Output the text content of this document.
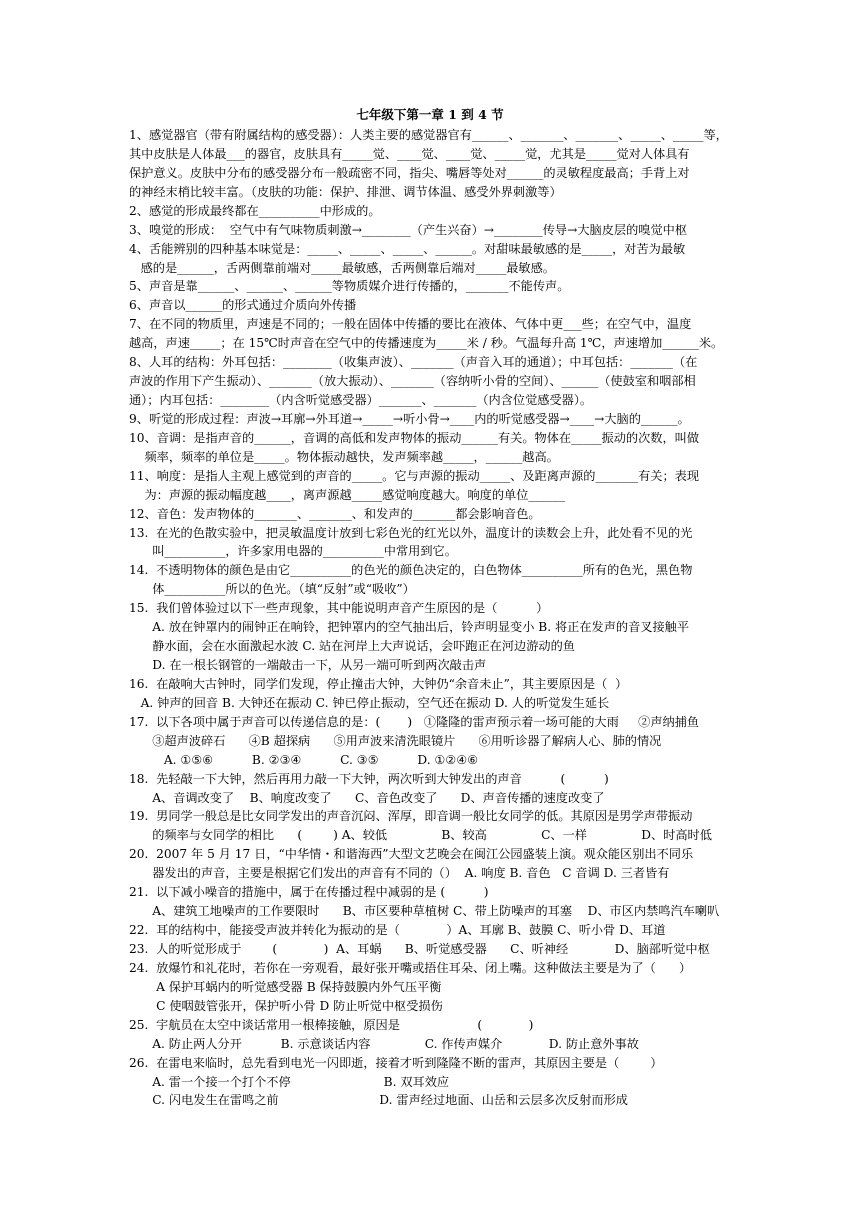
七年级下第一章 1 到 4 节
1、感觉器官（带有附属结构的感受器）：人类主要的感觉器官有______、_______、_______、_____、_____等，
其中皮肤是人体最___的器官，皮肤具有_____觉、____觉、____觉、_____觉，尤其是_____觉对人体具有
保护意义。皮肤中分布的感受器分布一般疏密不同，指尖、嘴唇等处对______的灵敏程度最高；手背上对
的神经末梢比较丰富。（皮肤的功能：保护、排泄、调节体温、感受外界刺激等）
2、感觉的形成最终都在__________中形成的。
3、嗅觉的形成：  空气中有气味物质刺激→________（产生兴奋）→________传导→大脑皮层的嗅觉中枢
4、舌能辨别的四种基本味觉是：_____、_____、_____、______。对甜味最敏感的是_____，对苦为最敏
感的是______，舌两侧靠前端对_____最敏感，舌两侧靠后端对_____最敏感。
5、声音是靠______、______、______等物质媒介进行传播的，_______不能传声。
6、声音以______的形式通过介质向外传播
7、在不同的物质里，声速是不同的；一般在固体中传播的要比在液体、气体中更___些；在空气中，温度
越高，声速_____；在 15℃时声音在空气中的传播速度为_____米 / 秒。气温每升高 1℃，声速增加______米。
8、人耳的结构：外耳包括：________（收集声波）、_______（声音入耳的通道）；中耳包括：_______（在
声波的作用下产生振动）、_______（放大振动）、_______（容纳听小骨的空间）、______（使鼓室和咽部相
通）；内耳包括：________（内含听觉感受器）_______、_______（内含位觉感受器）。
9、听觉的形成过程：声波→耳廓→外耳道→_____→听小骨→____内的听觉感受器→____→大脑的______。
10、音调：是指声音的______，音调的高低和发声物体的振动______有关。物体在_____振动的次数，叫做
频率，频率的单位是_____。物体振动越快，发声频率越_____，______越高。
11、响度：是指人主观上感觉到的声音的_____。它与声源的振动_____、及距离声源的_______有关；表现
为：声源的振动幅度越____，离声源越_____感觉响度越大。响度的单位______
12、音色：发声物体的_______、_______、和发声的_______都会影响音色。
13.  在光的色散实验中，把灵敏温度计放到七彩色光的红光以外，温度计的读数会上升，此处看不见的光
叫__________，许多家用电器的__________中常用到它。
14.  不透明物体的颜色是由它__________的色光的颜色决定的，白色物体__________所有的色光，黑色物
体__________所以的色光。（填“反射”或“吸收”）
15.  我们曾体验过以下一些声现象，其中能说明声音产生原因的是（          ）
A. 放在钟罩内的闹钟正在响铃，把钟罩内的空气抽出后，铃声明显变小 B. 将正在发声的音叉接触平
静水面，会在水面激起水波 C. 站在河岸上大声说话，会吓跑正在河边游动的鱼
D. 在一根长钢管的一端敲击一下，从另一端可听到两次敲击声
16.  在敲响大古钟时，同学们发现，停止撞击大钟，大钟仍“余音未止”，其主要原因是（  ）
A. 钟声的回音 B. 大钟还在振动 C. 钟已停止振动，空气还在振动 D. 人的听觉发生延长
17.  以下各项中属于声音可以传递信息的是：(       )   ①隆隆的雷声预示着一场可能的大雨     ②声纳捕鱼
③超声波碎石      ④B 超探病      ⑤用声波来清洗眼镜片      ⑥用听诊器了解病人心、肺的情况
A. ①⑤⑥          B. ②③④          C. ③⑤          D. ①②④⑥
18.  先轻敲一下大钟，然后再用力敲一下大钟，两次听到大钟发出的声音          (          )
A、音调改变了    B、响度改变了      C、音色改变了      D、声音传播的速度改变了
19.  男同学一般总是比女同学发出的声音沉闷、浑厚，即音调一般比女同学的低。其原因是男学声带振动
的频率与女同学的相比      (        ) A、较低              B、较高              C、一样              D、时高时低
20.  2007 年 5 月 17 日，“中华情・和谐海西”大型文艺晚会在闽江公园盛装上演。观众能区别出不同乐
器发出的声音，主要是根据它们发出的声音有不同的（）  A. 响度 B. 音色   C 音调 D. 三者皆有
21.  以下减小噪音的措施中，属于在传播过程中减弱的是 (          )
A、建筑工地噪声的工作要限时      B、市区要种草植树 C、带上防噪声的耳塞    D、市区内禁鸣汽车喇叭
22.  耳的结构中，能接受声波并转化为振动的是（            ）A、耳廓 B、鼓膜 C、听小骨 D、耳道
23.  人的听觉形成于        (            )  A、耳蜗      B、听觉感受器      C、听神经            D、脑部听觉中枢
24.  放爆竹和礼花时，若你在一旁观看，最好张开嘴或捂住耳朵、闭上嘴。这种做法主要是为了（      ）
A 保护耳蜗内的听觉感受器 B 保持鼓膜内外气压平衡
C 使咽鼓管张开，保护听小骨 D 防止听觉中枢受损伤
25.  宇航员在太空中谈话常用一根棒接触，原因是                    (            )
A. 防止两人分开          B. 示意谈话内容              C. 作传声媒介            D. 防止意外事故
26.  在雷电来临时，总先看到电光一闪即逝，接着才听到隆隆不断的雷声，其原因主要是（        ）
A. 雷一个接一个打个不停                        B. 双耳效应
C. 闪电发生在雷鸣之前                          D. 雷声经过地面、山岳和云层多次反射而形成
